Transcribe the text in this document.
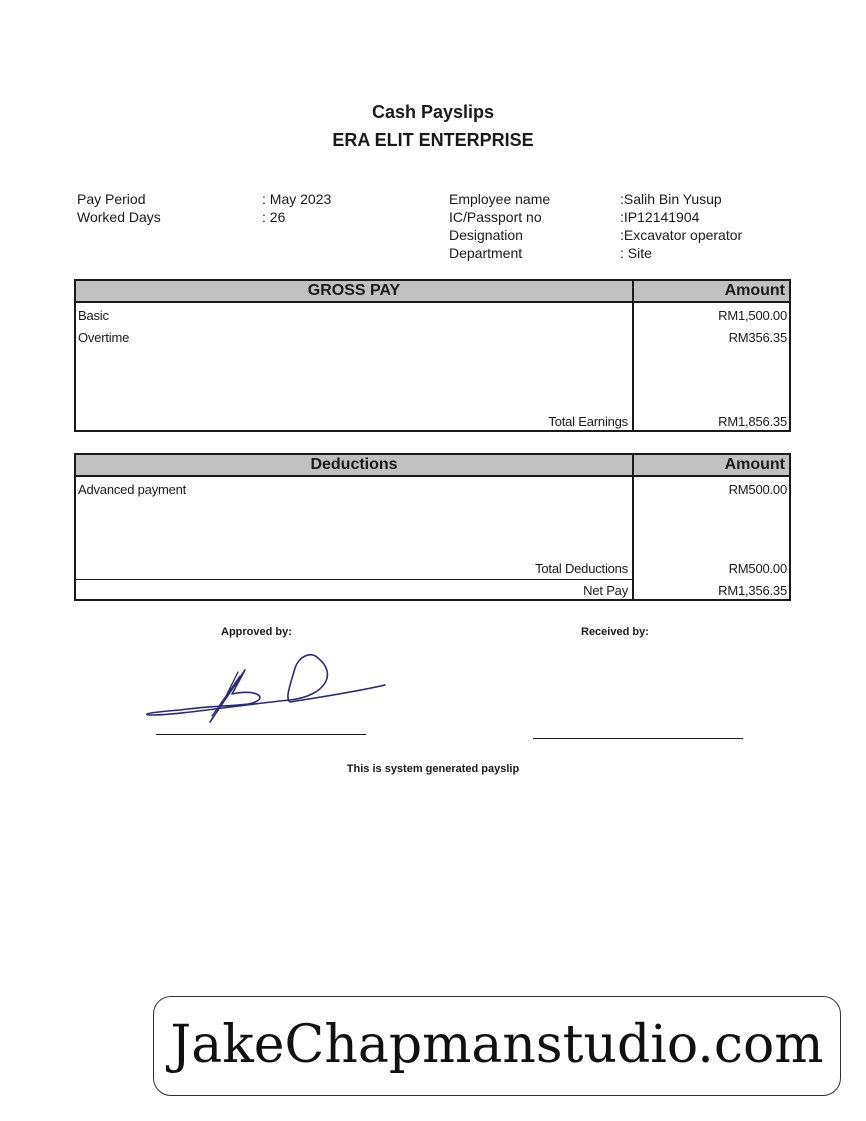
Cash Payslips
ERA ELIT ENTERPRISE
Pay Period	: May 2023
Worked Days	: 26
Employee name	:Salih Bin Yusup
IC/Passport no	:IP12141904
Designation	:Excavator operator
Department	: Site
GROSS PAY	Amount
Basic	RM1,500.00
Overtime	RM356.35
Total Earnings	RM1,856.35
Deductions	Amount
Advanced payment	RM500.00
Total Deductions	RM500.00
Net Pay	RM1,356.35
Approved by:	Received by:
This is system generated payslip
JakeChapmanstudio.com
